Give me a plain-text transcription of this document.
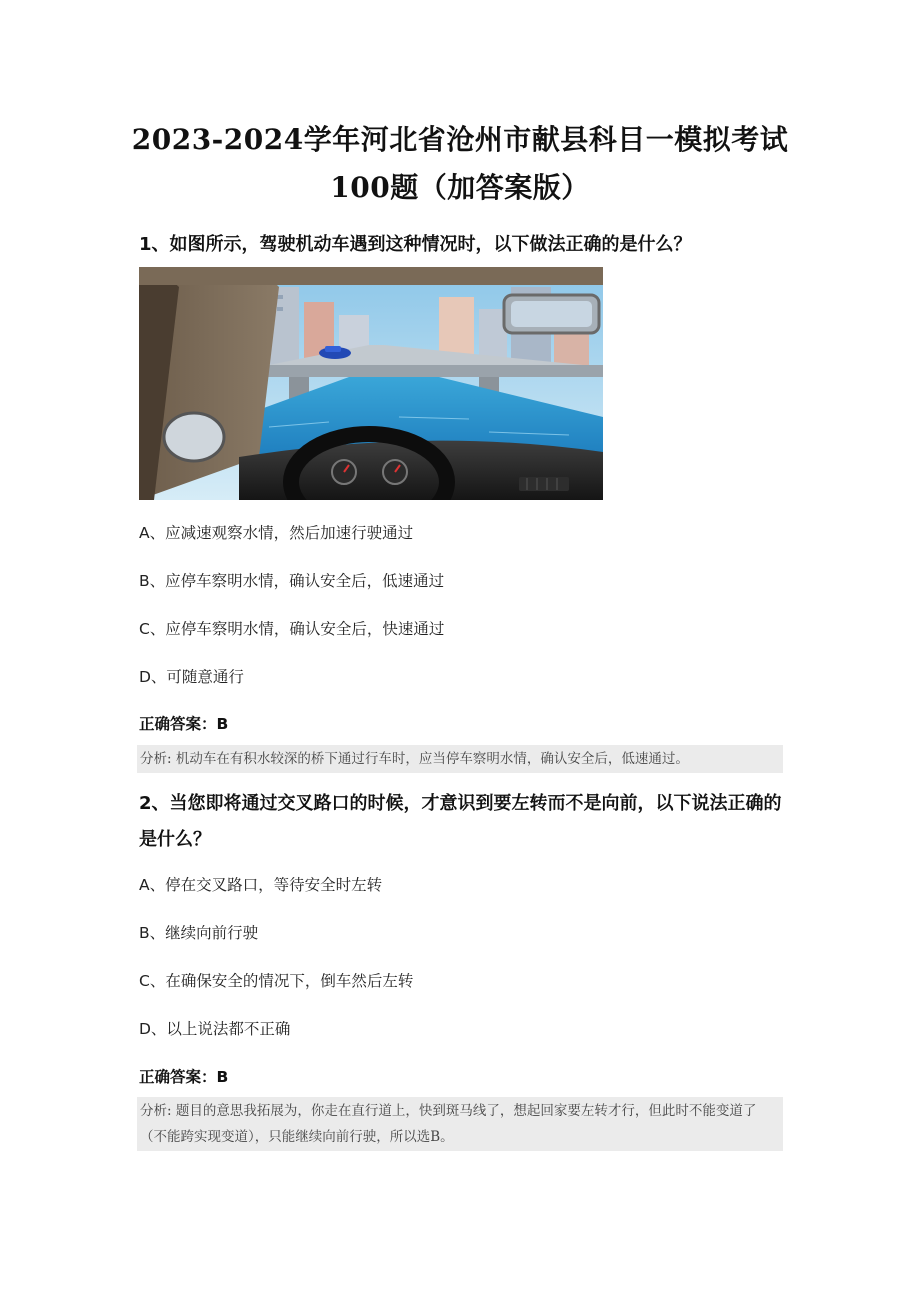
2023-2024学年河北省沧州市献县科目一模拟考试
100题（加答案版）
1、如图所示，驾驶机动车遇到这种情况时，以下做法正确的是什么？
A、应减速观察水情，然后加速行驶通过
B、应停车察明水情，确认安全后，低速通过
C、应停车察明水情，确认安全后，快速通过
D、可随意通行
正确答案：B
分析: 机动车在有积水较深的桥下通过行车时，应当停车察明水情，确认安全后，低速通过。
2、当您即将通过交叉路口的时候，才意识到要左转而不是向前，以下说法正确的是什么？
A、停在交叉路口，等待安全时左转
B、继续向前行驶
C、在确保安全的情况下，倒车然后左转
D、以上说法都不正确
正确答案：B
分析: 题目的意思我拓展为，你走在直行道上，快到斑马线了，想起回家要左转才行，但此时不能变道了（不能跨实现变道），只能继续向前行驶，所以选B。
